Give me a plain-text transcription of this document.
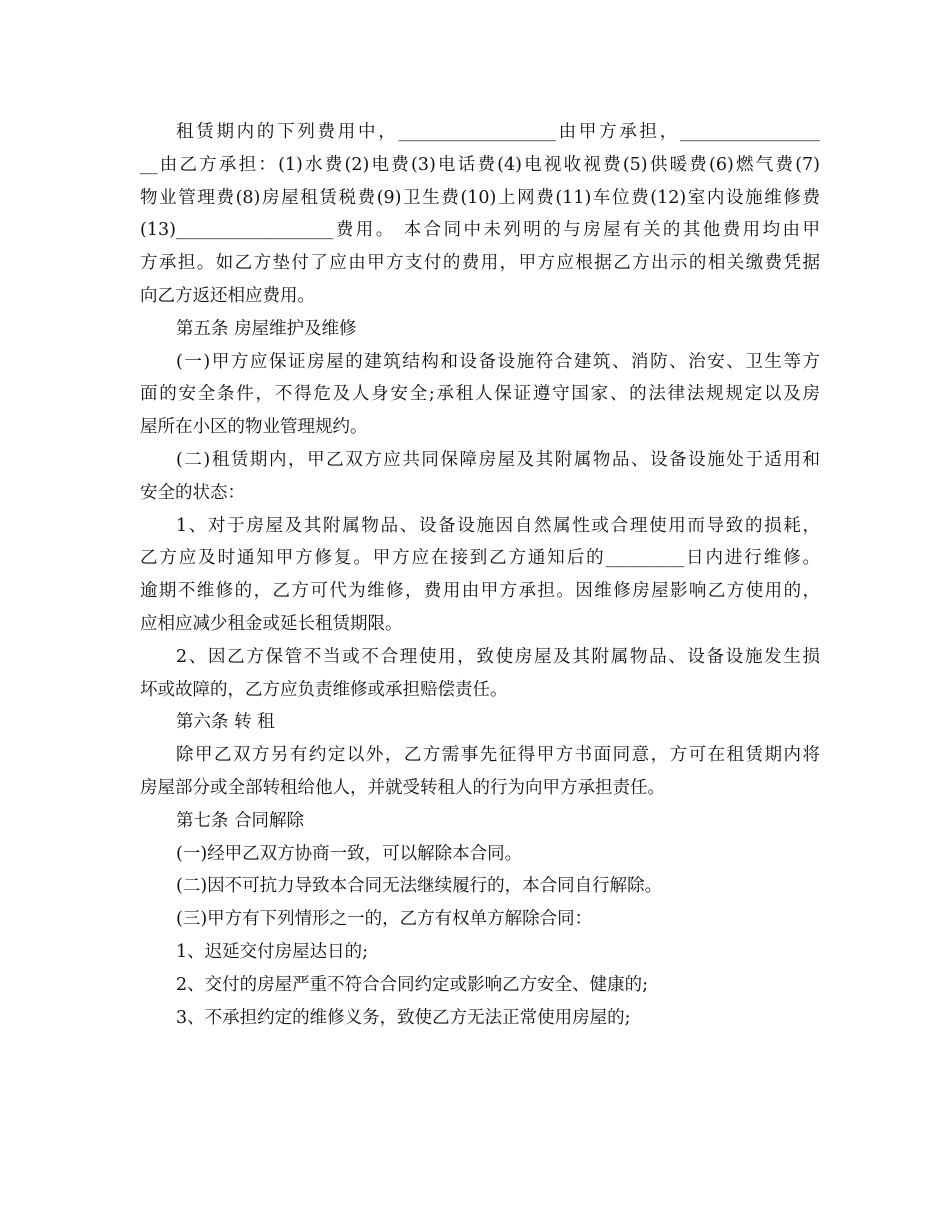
租赁期内的下列费用中，__________________由甲方承担，________________
__由乙方承担：(1)水费(2)电费(3)电话费(4)电视收视费(5)供暖费(6)燃气费(7)
物业管理费(8)房屋租赁税费(9)卫生费(10)上网费(11)车位费(12)室内设施维修费
(13)__________________费用。 本合同中未列明的与房屋有关的其他费用均由甲
方承担。如乙方垫付了应由甲方支付的费用，甲方应根据乙方出示的相关缴费凭据
向乙方返还相应费用。
第五条 房屋维护及维修
(一)甲方应保证房屋的建筑结构和设备设施符合建筑、消防、治安、卫生等方
面的安全条件，不得危及人身安全;承租人保证遵守国家、的法律法规规定以及房
屋所在小区的物业管理规约。
(二)租赁期内，甲乙双方应共同保障房屋及其附属物品、设备设施处于适用和
安全的状态：
1、对于房屋及其附属物品、设备设施因自然属性或合理使用而导致的损耗，
乙方应及时通知甲方修复。甲方应在接到乙方通知后的_________日内进行维修。
逾期不维修的，乙方可代为维修，费用由甲方承担。因维修房屋影响乙方使用的，
应相应减少租金或延长租赁期限。
2、因乙方保管不当或不合理使用，致使房屋及其附属物品、设备设施发生损
坏或故障的，乙方应负责维修或承担赔偿责任。
第六条 转 租
除甲乙双方另有约定以外，乙方需事先征得甲方书面同意，方可在租赁期内将
房屋部分或全部转租给他人，并就受转租人的行为向甲方承担责任。
第七条 合同解除
(一)经甲乙双方协商一致，可以解除本合同。
(二)因不可抗力导致本合同无法继续履行的，本合同自行解除。
(三)甲方有下列情形之一的，乙方有权单方解除合同：
1、迟延交付房屋达日的;
2、交付的房屋严重不符合合同约定或影响乙方安全、健康的;
3、不承担约定的维修义务，致使乙方无法正常使用房屋的;
